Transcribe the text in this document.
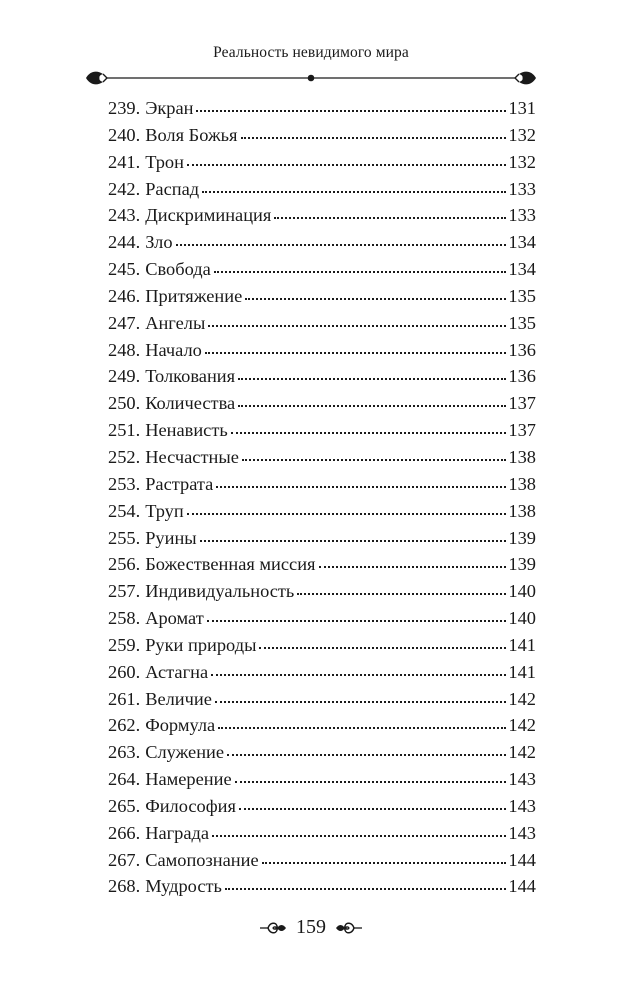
Реальность невидимого мира
239. Экран	131
240. Воля Божья	132
241. Трон	132
242. Распад	133
243. Дискриминация	133
244. Зло	134
245. Свобода	134
246. Притяжение	135
247. Ангелы	135
248. Начало	136
249. Толкования	136
250. Количества	137
251. Ненависть	137
252. Несчастные	138
253. Растрата	138
254. Труп	138
255. Руины	139
256. Божественная миссия	139
257. Индивидуальность	140
258. Аромат	140
259. Руки природы	141
260. Астагна	141
261. Величие	142
262. Формула	142
263. Служение	142
264. Намерение	143
265. Философия	143
266. Награда	143
267. Самопознание	144
268. Мудрость	144
159
